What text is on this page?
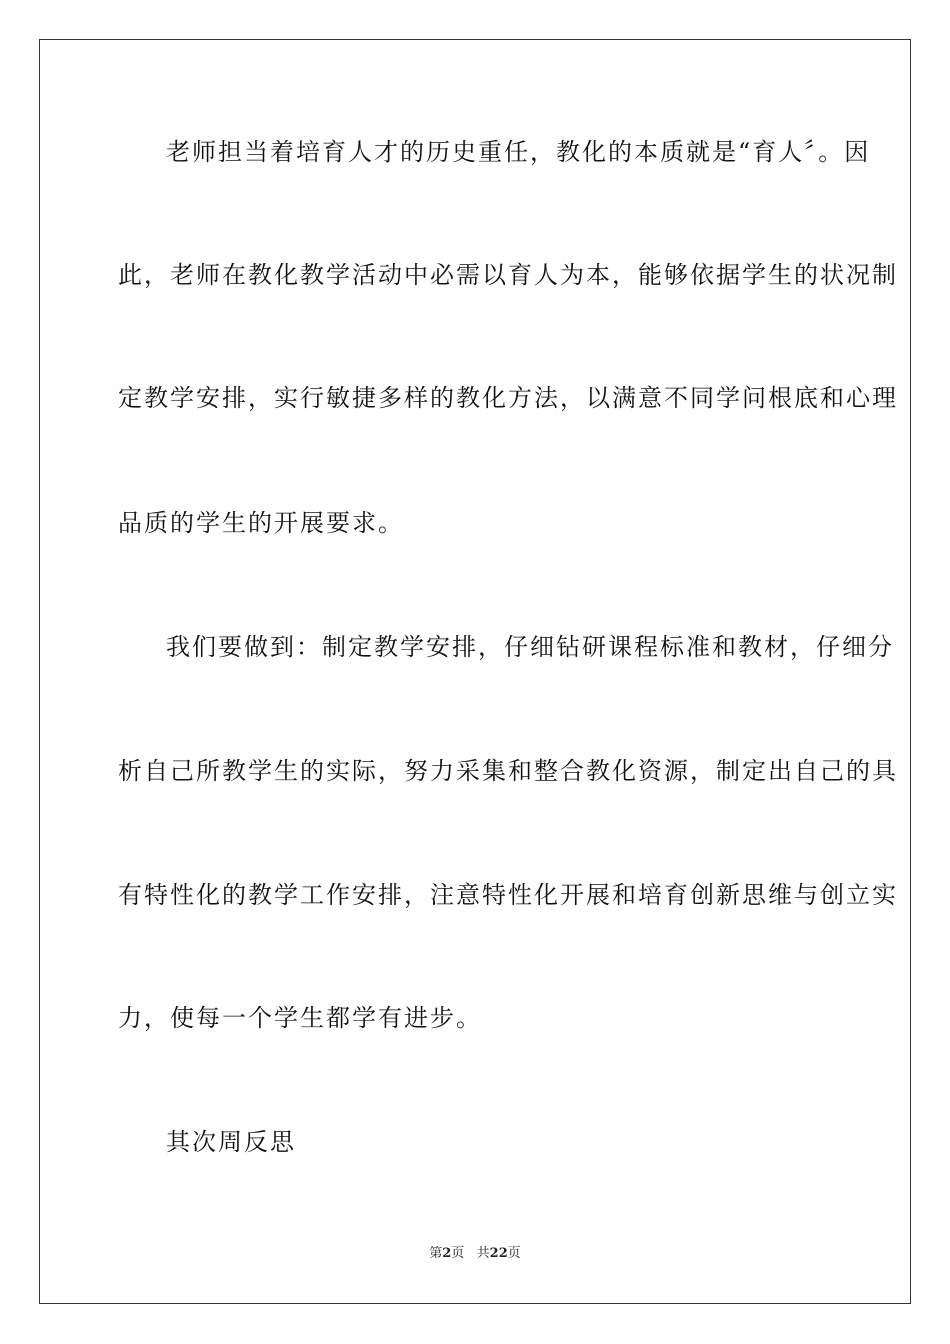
老师担当着培育人才的历史重任，教化的本质就是“育人〞。因
此，老师在教化教学活动中必需以育人为本，能够依据学生的状况制
定教学安排，实行敏捷多样的教化方法，以满意不同学问根底和心理
品质的学生的开展要求。
我们要做到：制定教学安排，仔细钻研课程标准和教材，仔细分
析自己所教学生的实际，努力采集和整合教化资源，制定出自己的具
有特性化的教学工作安排，注意特性化开展和培育创新思维与创立实
力，使每一个学生都学有进步。
其次周反思
第2页   共22页
